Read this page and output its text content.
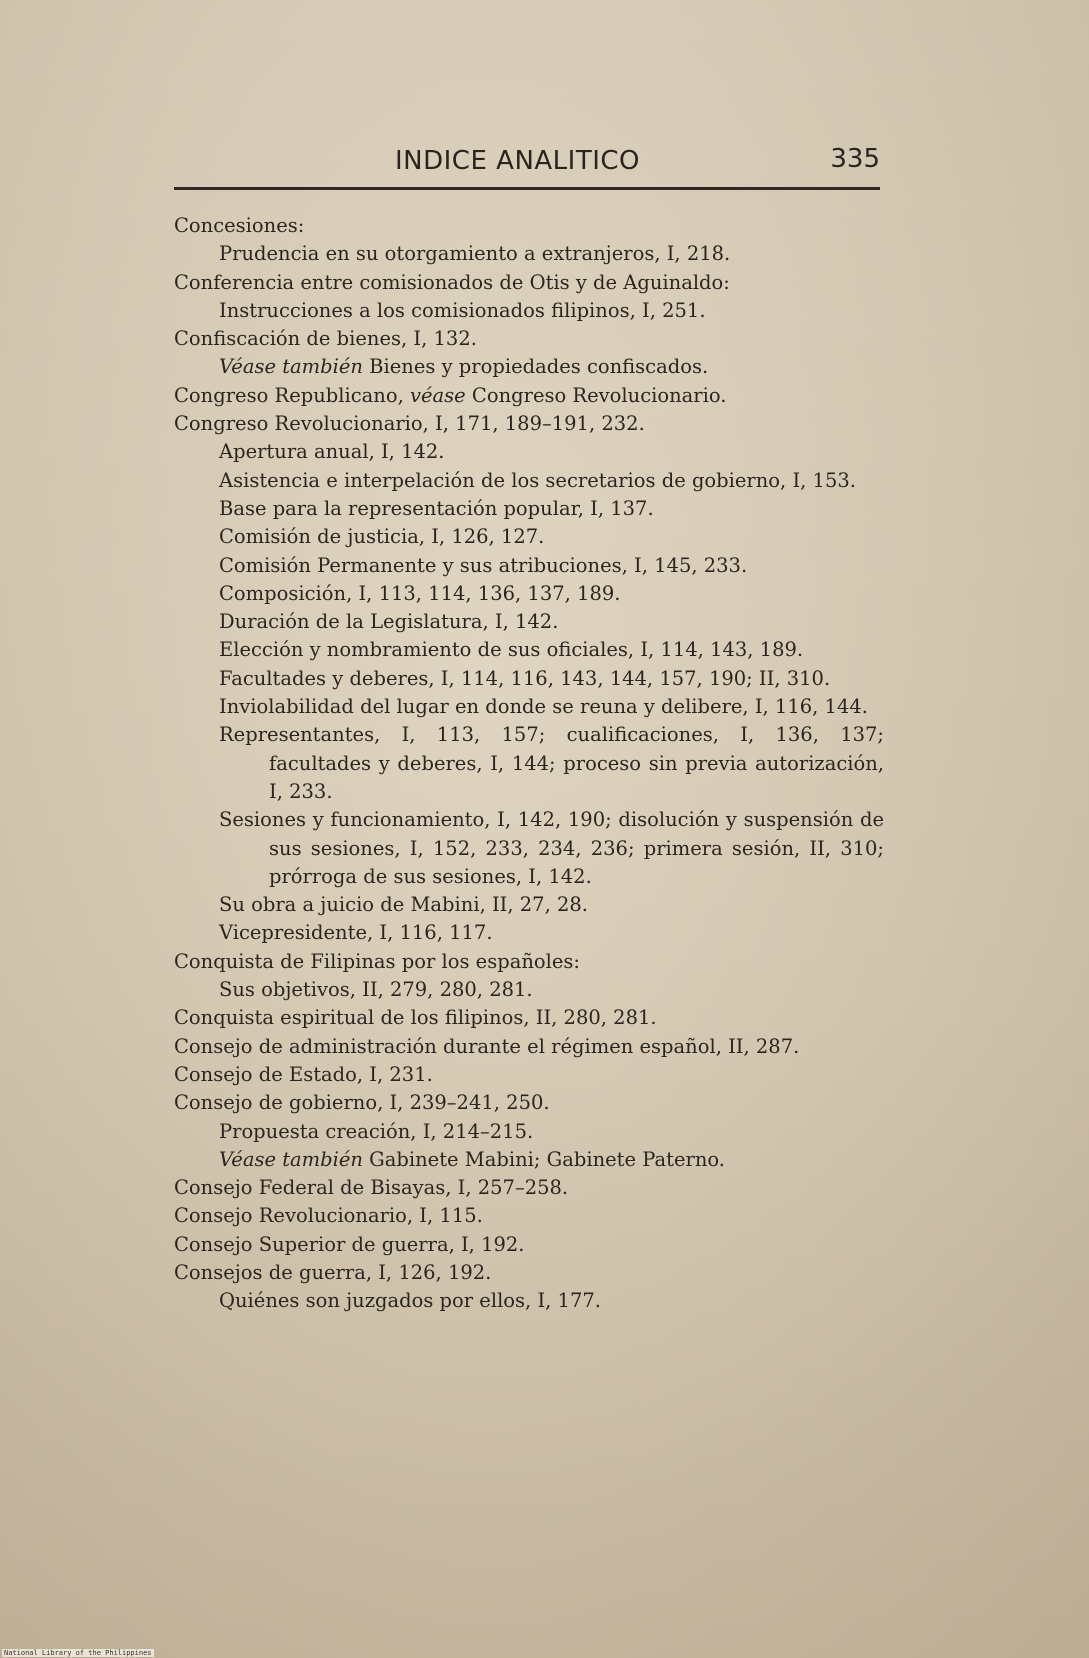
INDICE ANALITICO	335

Concesiones:

Prudencia en su otorgamiento a extranjeros, I, 218.

Conferencia entre comisionados de Otis y de Aguinaldo:

Instrucciones a los comisionados filipinos, I, 251.

Confiscación de bienes, I, 132.

Véase también Bienes y propiedades confiscados.

Congreso Republicano, véase Congreso Revolucionario.

Congreso Revolucionario, I, 171, 189–191, 232.

Apertura anual, I, 142.

Asistencia e interpelación de los secretarios de gobierno, I, 153.

Base para la representación popular, I, 137.

Comisión de justicia, I, 126, 127.

Comisión Permanente y sus atribuciones, I, 145, 233.

Composición, I, 113, 114, 136, 137, 189.

Duración de la Legislatura, I, 142.

Elección y nombramiento de sus oficiales, I, 114, 143, 189.

Facultades y deberes, I, 114, 116, 143, 144, 157, 190; II, 310.

Inviolabilidad del lugar en donde se reuna y delibere, I, 116, 144.

Representantes, I, 113, 157; cualificaciones, I, 136, 137; facultades y deberes, I, 144; proceso sin previa autorización, I, 233.

Sesiones y funcionamiento, I, 142, 190; disolución y suspensión de sus sesiones, I, 152, 233, 234, 236; primera sesión, II, 310; prórroga de sus sesiones, I, 142.

Su obra a juicio de Mabini, II, 27, 28.

Vicepresidente, I, 116, 117.

Conquista de Filipinas por los españoles:

Sus objetivos, II, 279, 280, 281.

Conquista espiritual de los filipinos, II, 280, 281.

Consejo de administración durante el régimen español, II, 287.

Consejo de Estado, I, 231.

Consejo de gobierno, I, 239–241, 250.

Propuesta creación, I, 214–215.

Véase también Gabinete Mabini; Gabinete Paterno.

Consejo Federal de Bisayas, I, 257–258.

Consejo Revolucionario, I, 115.

Consejo Superior de guerra, I, 192.

Consejos de guerra, I, 126, 192.

Quiénes son juzgados por ellos, I, 177.

National Library of the Philippines
